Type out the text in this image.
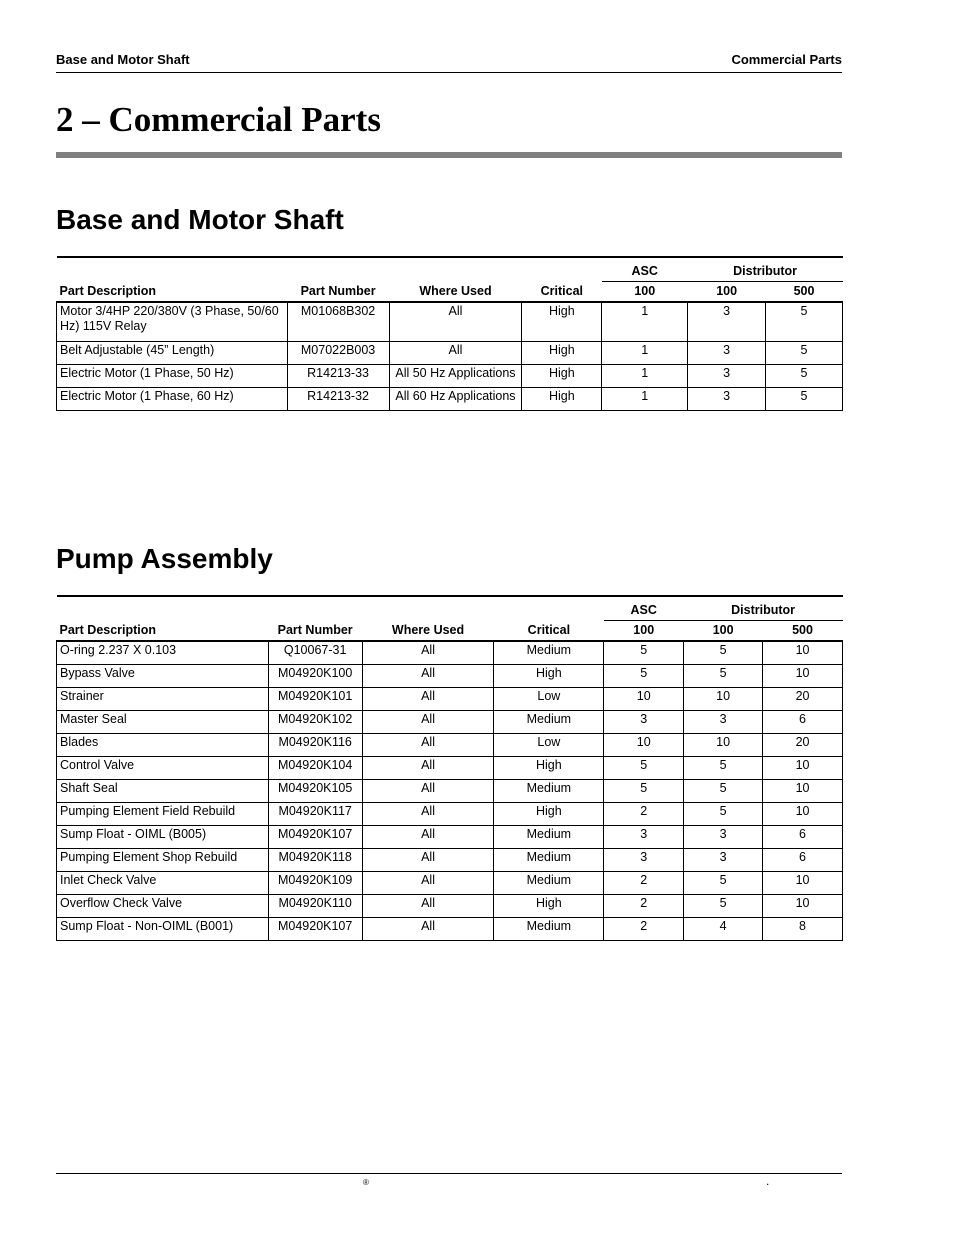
Base and Motor Shaft	Commercial Parts
2 – Commercial Parts
Base and Motor Shaft
				ASC	Distributor	
Part Description	Part Number	Where Used	Critical	100	100	500
Motor 3/4HP 220/380V (3 Phase, 50/60 Hz) 115V Relay	M01068B302	All	High	1	3	5
Belt Adjustable (45” Length)	M07022B003	All	High	1	3	5
Electric Motor (1 Phase, 50 Hz)	R14213-33	All 50 Hz Applications	High	1	3	5
Electric Motor (1 Phase, 60 Hz)	R14213-32	All 60 Hz Applications	High	1	3	5
Pump Assembly
				ASC	Distributor	
Part Description	Part Number	Where Used	Critical	100	100	500
O-ring 2.237 X 0.103	Q10067-31	All	Medium	5	5	10
Bypass Valve	M04920K100	All	High	5	5	10
Strainer	M04920K101	All	Low	10	10	20
Master Seal	M04920K102	All	Medium	3	3	6
Blades	M04920K116	All	Low	10	10	20
Control Valve	M04920K104	All	High	5	5	10
Shaft Seal	M04920K105	All	Medium	5	5	10
Pumping Element Field Rebuild	M04920K117	All	High	2	5	10
Sump Float - OIML (B005)	M04920K107	All	Medium	3	3	6
Pumping Element Shop Rebuild	M04920K118	All	Medium	3	3	6
Inlet Check Valve	M04920K109	All	Medium	2	5	10
Overflow Check Valve	M04920K110	All	High	2	5	10
Sump Float - Non-OIML (B001)	M04920K107	All	Medium	2	4	8
®	.
